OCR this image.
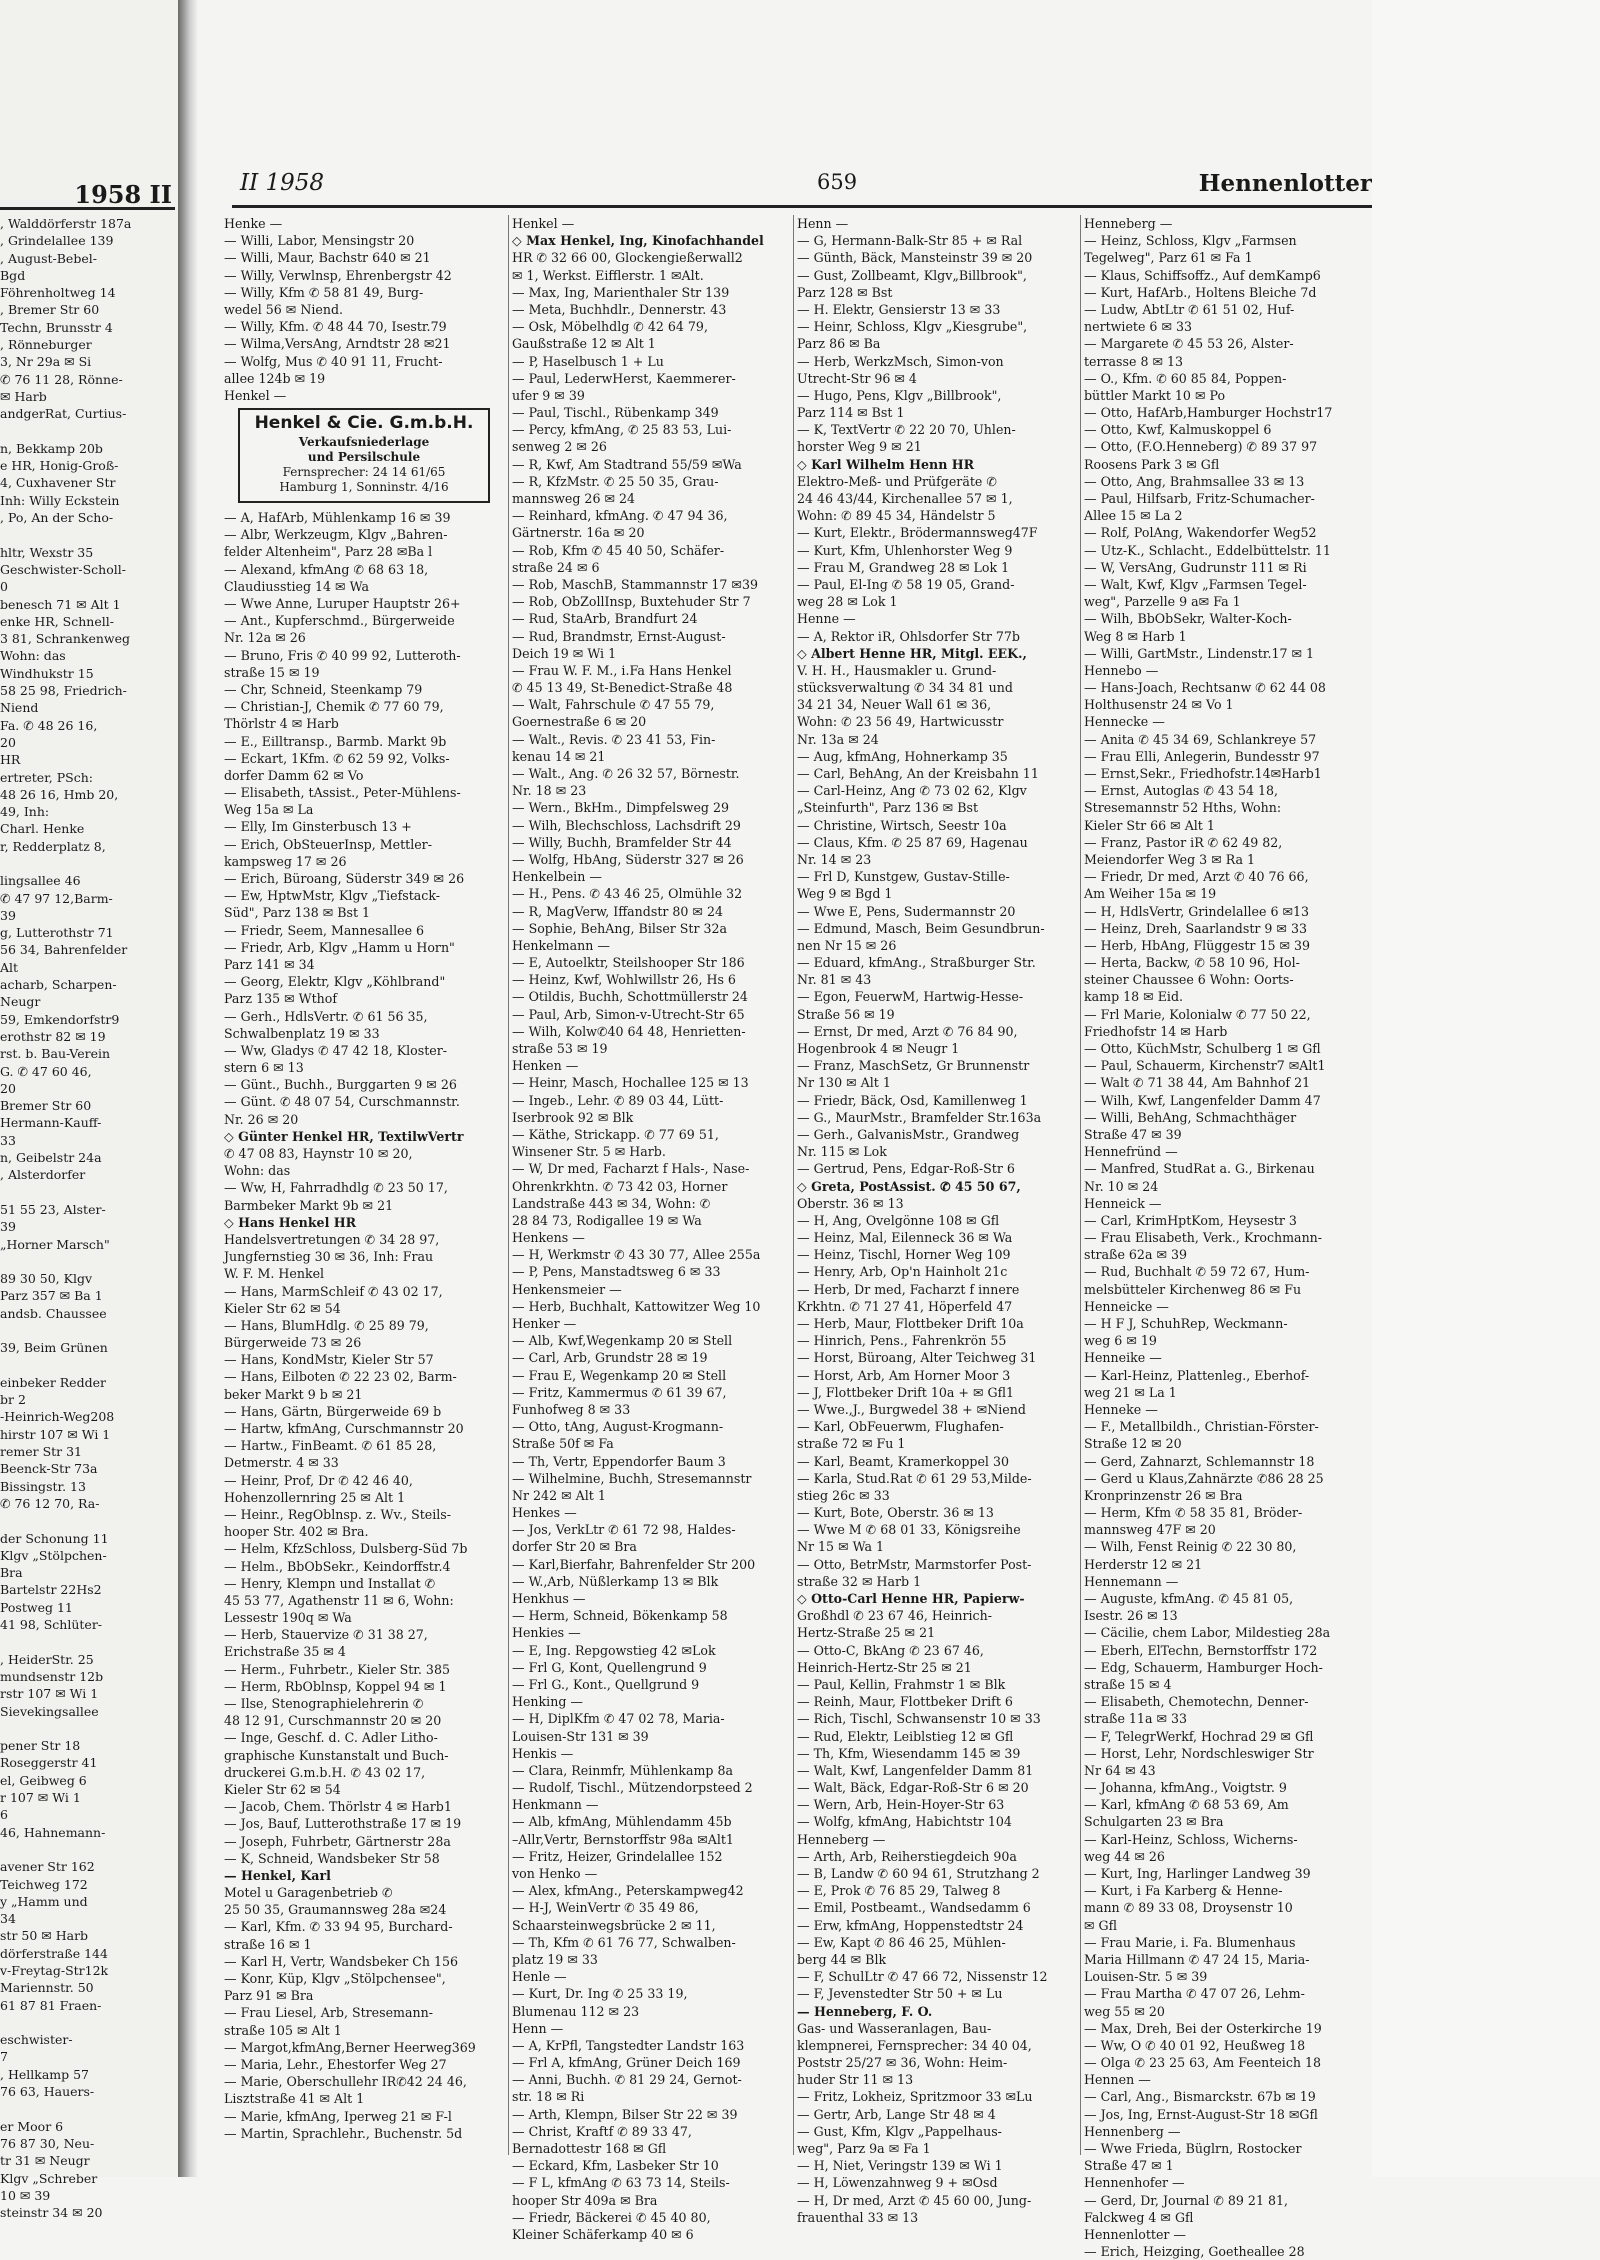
1958 II
, Walddörferstr 187a
, Grindelallee 139
, August-Bebel-
Bgd
Föhrenholtweg 14
, Bremer Str 60
Techn, Brunsstr 4
, Rönneburger
3, Nr 29a ✉ Si
✆ 76 11 28, Rönne-
✉ Harb
andgerRat, Curtius-
n, Bekkamp 20b
e HR, Honig-Groß-
4, Cuxhavener Str
Inh: Willy Eckstein
, Po, An der Scho-
hltr, Wexstr 35
Geschwister-Scholl-
0
benesch 71 ✉ Alt 1
enke HR, Schnell-
3 81, Schrankenweg
Wohn: das
Windhukstr 15
58 25 98, Friedrich-
Niend
Fa. ✆ 48 26 16,
20
HR
ertreter, PSch:
48 26 16, Hmb 20,
49, Inh:
Charl. Henke
r, Redderplatz 8,
lingsallee 46
✆ 47 97 12,Barm-
39
g, Lutterothstr 71
56 34, Bahrenfelder
Alt
acharb, Scharpen-
Neugr
59, Emkendorfstr9
erothstr 82 ✉ 19
rst. b. Bau-Verein
G. ✆ 47 60 46,
20
Bremer Str 60
Hermann-Kauff-
33
n, Geibelstr 24a
, Alsterdorfer
51 55 23, Alster-
39
„Horner Marsch"
89 30 50, Klgv
Parz 357 ✉ Ba 1
andsb. Chaussee
39, Beim Grünen
einbeker Redder
br 2
-Heinrich-Weg208
hirstr 107 ✉ Wi 1
remer Str 31
Beenck-Str 73a
Bissingstr. 13
✆ 76 12 70, Ra-
der Schonung 11
Klgv „Stölpchen-
Bra
Bartelstr 22Hs2
Postweg 11
41 98, Schlüter-
, HeiderStr. 25
mundsenstr 12b
rstr 107 ✉ Wi 1
Sievekingsallee
pener Str 18
Roseggerstr 41
el, Geibweg 6
r 107 ✉ Wi 1
6
46, Hahnemann-
avener Str 162
Teichweg 172
y „Hamm und
34
str 50 ✉ Harb
dörferstraße 144
v-Freytag-Str12k
Mariennstr. 50
61 87 81 Fraen-
eschwister-
7
, Hellkamp 57
76 63, Hauers-
er Moor 6
76 87 30, Neu-
tr 31 ✉ Neugr
Klgv „Schreber
10 ✉ 39
steinstr 34 ✉ 20
II 1958	659	Hennenlotter
Henke —
— Willi, Labor, Mensingstr 20
— Willi, Maur, Bachstr 640 ✉ 21
— Willy, Verwlnsp, Ehrenbergstr 42
— Willy, Kfm ✆ 58 81 49, Burg-
wedel 56 ✉ Niend.
— Willy, Kfm. ✆ 48 44 70, Isestr.79
— Wilma,VersAng, Arndtstr 28 ✉21
— Wolfg, Mus ✆ 40 91 11, Frucht-
allee 124b ✉ 19
Henkel —
Henkel & Cie. G.m.b.H.
Verkaufsniederlage
und Persilschule
Fernsprecher: 24 14 61/65
Hamburg 1, Sonninstr. 4/16
— A, HafArb, Mühlenkamp 16 ✉ 39
— Albr, Werkzeugm, Klgv „Bahren-
felder Altenheim", Parz 28 ✉Ba l
— Alexand, kfmAng ✆ 68 63 18,
Claudiusstieg 14 ✉ Wa
— Wwe Anne, Luruper Hauptstr 26+
— Ant., Kupferschmd., Bürgerweide
Nr. 12a ✉ 26
— Bruno, Fris ✆ 40 99 92, Lutteroth-
straße 15 ✉ 19
— Chr, Schneid, Steenkamp 79
— Christian-J, Chemik ✆ 77 60 79,
Thörlstr 4 ✉ Harb
— E., Eilltransp., Barmb. Markt 9b
— Eckart, 1Kfm. ✆ 62 59 92, Volks-
dorfer Damm 62 ✉ Vo
— Elisabeth, tAssist., Peter-Mühlens-
Weg 15a ✉ La
— Elly, Im Ginsterbusch 13 +
— Erich, ObSteuerInsp, Mettler-
kampsweg 17 ✉ 26
— Erich, Büroang, Süderstr 349 ✉ 26
— Ew, HptwMstr, Klgv „Tiefstack-
Süd", Parz 138 ✉ Bst 1
— Friedr, Seem, Mannesallee 6
— Friedr, Arb, Klgv „Hamm u Horn"
Parz 141 ✉ 34
— Georg, Elektr, Klgv „Köhlbrand"
Parz 135 ✉ Wthof
— Gerh., HdlsVertr. ✆ 61 56 35,
Schwalbenplatz 19 ✉ 33
— Ww, Gladys ✆ 47 42 18, Kloster-
stern 6 ✉ 13
— Günt., Buchh., Burggarten 9 ✉ 26
— Günt. ✆ 48 07 54, Curschmannstr.
Nr. 26 ✉ 20
◇ Günter Henkel HR, TextilwVertr
✆ 47 08 83, Haynstr 10 ✉ 20,
Wohn: das
— Ww, H, Fahrradhdlg ✆ 23 50 17,
Barmbeker Markt 9b ✉ 21
◇ Hans Henkel HR
Handelsvertretungen ✆ 34 28 97,
Jungfernstieg 30 ✉ 36, Inh: Frau
W. F. M. Henkel
— Hans, MarmSchleif ✆ 43 02 17,
Kieler Str 62 ✉ 54
— Hans, BlumHdlg. ✆ 25 89 79,
Bürgerweide 73 ✉ 26
— Hans, KondMstr, Kieler Str 57
— Hans, Eilboten ✆ 22 23 02, Barm-
beker Markt 9 b ✉ 21
— Hans, Gärtn, Bürgerweide 69 b
— Hartw, kfmAng, Curschmannstr 20
— Hartw., FinBeamt. ✆ 61 85 28,
Detmerstr. 4 ✉ 33
— Heinr, Prof, Dr ✆ 42 46 40,
Hohenzollernring 25 ✉ Alt 1
— Heinr., RegOblnsp. z. Wv., Steils-
hooper Str. 402 ✉ Bra.
— Helm, KfzSchloss, Dulsberg-Süd 7b
— Helm., BbObSekr., Keindorffstr.4
— Henry, Klempn und Installat ✆
45 53 77, Agathenstr 11 ✉ 6, Wohn:
Lessestr 190q ✉ Wa
— Herb, Stauervize ✆ 31 38 27,
Erichstraße 35 ✉ 4
— Herm., Fuhrbetr., Kieler Str. 385
— Herm, RbOblnsp, Koppel 94 ✉ 1
— Ilse, Stenographielehrerin ✆
48 12 91, Curschmannstr 20 ✉ 20
— Inge, Geschf. d. C. Adler Litho-
graphische Kunstanstalt und Buch-
druckerei G.m.b.H. ✆ 43 02 17,
Kieler Str 62 ✉ 54
— Jacob, Chem. Thörlstr 4 ✉ Harb1
— Jos, Bauf, Lutterothstraße 17 ✉ 19
— Joseph, Fuhrbetr, Gärtnerstr 28a
— K, Schneid, Wandsbeker Str 58
— Henkel, Karl
Motel u Garagenbetrieb ✆
25 50 35, Graumannsweg 28a ✉24
— Karl, Kfm. ✆ 33 94 95, Burchard-
straße 16 ✉ 1
— Karl H, Vertr, Wandsbeker Ch 156
— Konr, Küp, Klgv „Stölpchensee",
Parz 91 ✉ Bra
— Frau Liesel, Arb, Stresemann-
straße 105 ✉ Alt 1
— Margot,kfmAng,Berner Heerweg369
— Maria, Lehr., Ehestorfer Weg 27
— Marie, Oberschullehr IR✆42 24 46,
Lisztstraße 41 ✉ Alt 1
— Marie, kfmAng, Iperweg 21 ✉ F-l
— Martin, Sprachlehr., Buchenstr. 5d
Henkel —
◇ Max Henkel, Ing, Kinofachhandel
HR ✆ 32 66 00, Glockengießerwall2
✉ 1, Werkst. Eifflerstr. 1 ✉Alt.
— Max, Ing, Marienthaler Str 139
— Meta, Buchhdlr., Dennerstr. 43
— Osk, Möbelhdlg ✆ 42 64 79,
Gaußstraße 12 ✉ Alt 1
— P, Haselbusch 1 + Lu
— Paul, LederwHerst, Kaemmerer-
ufer 9 ✉ 39
— Paul, Tischl., Rübenkamp 349
— Percy, kfmAng, ✆ 25 83 53, Lui-
senweg 2 ✉ 26
— R, Kwf, Am Stadtrand 55/59 ✉Wa
— R, KfzMstr. ✆ 25 50 35, Grau-
mannsweg 26 ✉ 24
— Reinhard, kfmAng. ✆ 47 94 36,
Gärtnerstr. 16a ✉ 20
— Rob, Kfm ✆ 45 40 50, Schäfer-
straße 24 ✉ 6
— Rob, MaschB, Stammannstr 17 ✉39
— Rob, ObZollInsp, Buxtehuder Str 7
— Rud, StaArb, Brandfurt 24
— Rud, Brandmstr, Ernst-August-
Deich 19 ✉ Wi 1
— Frau W. F. M., i.Fa Hans Henkel
✆ 45 13 49, St-Benedict-Straße 48
— Walt, Fahrschule ✆ 47 55 79,
Goernestraße 6 ✉ 20
— Walt., Revis. ✆ 23 41 53, Fin-
kenau 14 ✉ 21
— Walt., Ang. ✆ 26 32 57, Börnestr.
Nr. 18 ✉ 23
— Wern., BkHm., Dimpfelsweg 29
— Wilh, Blechschloss, Lachsdrift 29
— Willy, Buchh, Bramfelder Str 44
— Wolfg, HbAng, Süderstr 327 ✉ 26
Henkelbein —
— H., Pens. ✆ 43 46 25, Olmühle 32
— R, MagVerw, Iffandstr 80 ✉ 24
— Sophie, BehAng, Bilser Str 32a
Henkelmann —
— E, Autoelktr, Steilshooper Str 186
— Heinz, Kwf, Wohlwillstr 26, Hs 6
— Otildis, Buchh, Schottmüllerstr 24
— Paul, Arb, Simon-v-Utrecht-Str 65
— Wilh, Kolw✆40 64 48, Henrietten-
straße 53 ✉ 19
Henken —
— Heinr, Masch, Hochallee 125 ✉ 13
— Ingeb., Lehr. ✆ 89 03 44, Lütt-
Iserbrook 92 ✉ Blk
— Käthe, Strickapp. ✆ 77 69 51,
Winsener Str. 5 ✉ Harb.
— W, Dr med, Facharzt f Hals-, Nase-
Ohrenkrkhtn. ✆ 73 42 03, Horner
Landstraße 443 ✉ 34, Wohn: ✆
28 84 73, Rodigallee 19 ✉ Wa
Henkens —
— H, Werkmstr ✆ 43 30 77, Allee 255a
— P, Pens, Manstadtsweg 6 ✉ 33
Henkensmeier —
— Herb, Buchhalt, Kattowitzer Weg 10
Henker —
— Alb, Kwf,Wegenkamp 20 ✉ Stell
— Carl, Arb, Grundstr 28 ✉ 19
— Frau E, Wegenkamp 20 ✉ Stell
— Fritz, Kammermus ✆ 61 39 67,
Funhofweg 8 ✉ 33
— Otto, tAng, August-Krogmann-
Straße 50f ✉ Fa
— Th, Vertr, Eppendorfer Baum 3
— Wilhelmine, Buchh, Stresemannstr
Nr 242 ✉ Alt 1
Henkes —
— Jos, VerkLtr ✆ 61 72 98, Haldes-
dorfer Str 20 ✉ Bra
— Karl,Bierfahr, Bahrenfelder Str 200
— W.,Arb, Nüßlerkamp 13 ✉ Blk
Henkhus —
— Herm, Schneid, Bökenkamp 58
Henkies —
— E, Ing. Repgowstieg 42 ✉Lok
— Frl G, Kont, Quellengrund 9
— Frl G., Kont., Quellgrund 9
Henking —
— H, DiplKfm ✆ 47 02 78, Maria-
Louisen-Str 131 ✉ 39
Henkis —
— Clara, Reinmfr, Mühlenkamp 8a
— Rudolf, Tischl., Mützendorpsteed 2
Henkmann —
— Alb, kfmAng, Mühlendamm 45b
–Allr,Vertr, Bernstorffstr 98a ✉Alt1
— Fritz, Heizer, Grindelallee 152
von Henko —
— Alex, kfmAng., Peterskampweg42
— H-J, WeinVertr ✆ 35 49 86,
Schaarsteinwegsbrücke 2 ✉ 11,
— Th, Kfm ✆ 61 76 77, Schwalben-
platz 19 ✉ 33
Henle —
— Kurt, Dr. Ing ✆ 25 33 19,
Blumenau 112 ✉ 23
Henn —
— A, KrPfl, Tangstedter Landstr 163
— Frl A, kfmAng, Grüner Deich 169
— Anni, Buchh. ✆ 81 29 24, Gernot-
str. 18 ✉ Ri
— Arth, Klempn, Bilser Str 22 ✉ 39
— Christ, Kraftf ✆ 89 33 47,
Bernadottestr 168 ✉ Gfl
— Eckard, Kfm, Lasbeker Str 10
— F L, kfmAng ✆ 63 73 14, Steils-
hooper Str 409a ✉ Bra
— Friedr, Bäckerei ✆ 45 40 80,
Kleiner Schäferkamp 40 ✉ 6
Henn —
— G, Hermann-Balk-Str 85 + ✉ Ral
— Günth, Bäck, Mansteinstr 39 ✉ 20
— Gust, Zollbeamt, Klgv„Billbrook",
Parz 128 ✉ Bst
— H. Elektr, Gensierstr 13 ✉ 33
— Heinr, Schloss, Klgv „Kiesgrube",
Parz 86 ✉ Ba
— Herb, WerkzMsch, Simon-von
Utrecht-Str 96 ✉ 4
— Hugo, Pens, Klgv „Billbrook",
Parz 114 ✉ Bst 1
— K, TextVertr ✆ 22 20 70, Uhlen-
horster Weg 9 ✉ 21
◇ Karl Wilhelm Henn HR
Elektro-Meß- und Prüfgeräte ✆
24 46 43/44, Kirchenallee 57 ✉ 1,
Wohn: ✆ 89 45 34, Händelstr 5
— Kurt, Elektr., Brödermannsweg47F
— Kurt, Kfm, Uhlenhorster Weg 9
— Frau M, Grandweg 28 ✉ Lok 1
— Paul, El-Ing ✆ 58 19 05, Grand-
weg 28 ✉ Lok 1
Henne —
— A, Rektor iR, Ohlsdorfer Str 77b
◇ Albert Henne HR, Mitgl. EEK.,
V. H. H., Hausmakler u. Grund-
stücksverwaltung ✆ 34 34 81 und
34 21 34, Neuer Wall 61 ✉ 36,
Wohn: ✆ 23 56 49, Hartwicusstr
Nr. 13a ✉ 24
— Aug, kfmAng, Hohnerkamp 35
— Carl, BehAng, An der Kreisbahn 11
— Carl-Heinz, Ang ✆ 73 02 62, Klgv
„Steinfurth", Parz 136 ✉ Bst
— Christine, Wirtsch, Seestr 10a
— Claus, Kfm. ✆ 25 87 69, Hagenau
Nr. 14 ✉ 23
— Frl D, Kunstgew, Gustav-Stille-
Weg 9 ✉ Bgd 1
— Wwe E, Pens, Sudermannstr 20
— Edmund, Masch, Beim Gesundbrun-
nen Nr 15 ✉ 26
— Eduard, kfmAng., Straßburger Str.
Nr. 81 ✉ 43
— Egon, FeuerwM, Hartwig-Hesse-
Straße 56 ✉ 19
— Ernst, Dr med, Arzt ✆ 76 84 90,
Hogenbrook 4 ✉ Neugr 1
— Franz, MaschSetz, Gr Brunnenstr
Nr 130 ✉ Alt 1
— Friedr, Bäck, Osd, Kamillenweg 1
— G., MaurMstr., Bramfelder Str.163a
— Gerh., GalvanisMstr., Grandweg
Nr. 115 ✉ Lok
— Gertrud, Pens, Edgar-Roß-Str 6
◇ Greta, PostAssist. ✆ 45 50 67,
Oberstr. 36 ✉ 13
— H, Ang, Ovelgönne 108 ✉ Gfl
— Heinz, Mal, Eilenneck 36 ✉ Wa
— Heinz, Tischl, Horner Weg 109
— Henry, Arb, Op'n Hainholt 21c
— Herb, Dr med, Facharzt f innere
Krkhtn. ✆ 71 27 41, Höperfeld 47
— Herb, Maur, Flottbeker Drift 10a
— Hinrich, Pens., Fahrenkrön 55
— Horst, Büroang, Alter Teichweg 31
— Horst, Arb, Am Horner Moor 3
— J, Flottbeker Drift 10a + ✉ Gfl1
— Wwe.,J., Burgwedel 38 + ✉Niend
— Karl, ObFeuerwm, Flughafen-
straße 72 ✉ Fu 1
— Karl, Beamt, Kramerkoppel 30
— Karla, Stud.Rat ✆ 61 29 53,Milde-
stieg 26c ✉ 33
— Kurt, Bote, Oberstr. 36 ✉ 13
— Wwe M ✆ 68 01 33, Königsreihe
Nr 15 ✉ Wa 1
— Otto, BetrMstr, Marmstorfer Post-
straße 32 ✉ Harb 1
◇ Otto-Carl Henne HR, Papierw-
Großhdl ✆ 23 67 46, Heinrich-
Hertz-Straße 25 ✉ 21
— Otto-C, BkAng ✆ 23 67 46,
Heinrich-Hertz-Str 25 ✉ 21
— Paul, Kellin, Frahmstr 1 ✉ Blk
— Reinh, Maur, Flottbeker Drift 6
— Rich, Tischl, Schwansenstr 10 ✉ 33
— Rud, Elektr, Leiblstieg 12 ✉ Gfl
— Th, Kfm, Wiesendamm 145 ✉ 39
— Walt, Kwf, Langenfelder Damm 81
— Walt, Bäck, Edgar-Roß-Str 6 ✉ 20
— Wern, Arb, Hein-Hoyer-Str 63
— Wolfg, kfmAng, Habichtstr 104
Henneberg —
— Arth, Arb, Reiherstiegdeich 90a
— B, Landw ✆ 60 94 61, Strutzhang 2
— E, Prok ✆ 76 85 29, Talweg 8
— Emil, Postbeamt., Wandsedamm 6
— Erw, kfmAng, Hoppenstedtstr 24
— Ew, Kapt ✆ 86 46 25, Mühlen-
berg 44 ✉ Blk
— F, SchulLtr ✆ 47 66 72, Nissenstr 12
— F, Jevenstedter Str 50 + ✉ Lu
— Henneberg, F. O.
Gas- und Wasseranlagen, Bau-
klempnerei, Fernsprecher: 34 40 04,
Poststr 25/27 ✉ 36, Wohn: Heim-
huder Str 11 ✉ 13
— Fritz, Lokheiz, Spritzmoor 33 ✉Lu
— Gertr, Arb, Lange Str 48 ✉ 4
— Gust, Kfm, Klgv „Pappelhaus-
weg", Parz 9a ✉ Fa 1
— H, Niet, Veringstr 139 ✉ Wi 1
— H, Löwenzahnweg 9 + ✉Osd
— H, Dr med, Arzt ✆ 45 60 00, Jung-
frauenthal 33 ✉ 13
Henneberg —
— Heinz, Schloss, Klgv „Farmsen
Tegelweg", Parz 61 ✉ Fa 1
— Klaus, Schiffsoffz., Auf demKamp6
— Kurt, HafArb., Holtens Bleiche 7d
— Ludw, AbtLtr ✆ 61 51 02, Huf-
nertwiete 6 ✉ 33
— Margarete ✆ 45 53 26, Alster-
terrasse 8 ✉ 13
— O., Kfm. ✆ 60 85 84, Poppen-
büttler Markt 10 ✉ Po
— Otto, HafArb,Hamburger Hochstr17
— Otto, Kwf, Kalmuskoppel 6
— Otto, (F.O.Henneberg) ✆ 89 37 97
Roosens Park 3 ✉ Gfl
— Otto, Ang, Brahmsallee 33 ✉ 13
— Paul, Hilfsarb, Fritz-Schumacher-
Allee 15 ✉ La 2
— Rolf, PolAng, Wakendorfer Weg52
— Utz-K., Schlacht., Eddelbüttelstr. 11
— W, VersAng, Gudrunstr 111 ✉ Ri
— Walt, Kwf, Klgv „Farmsen Tegel-
weg", Parzelle 9 a✉ Fa 1
— Wilh, BbObSekr, Walter-Koch-
Weg 8 ✉ Harb 1
— Willi, GartMstr., Lindenstr.17 ✉ 1
Hennebo —
— Hans-Joach, Rechtsanw ✆ 62 44 08
Holthusenstr 24 ✉ Vo 1
Hennecke —
— Anita ✆ 45 34 69, Schlankreye 57
— Frau Elli, Anlegerin, Bundesstr 97
— Ernst,Sekr., Friedhofstr.14✉Harb1
— Ernst, Autoglas ✆ 43 54 18,
Stresemannstr 52 Hths, Wohn:
Kieler Str 66 ✉ Alt 1
— Franz, Pastor iR ✆ 62 49 82,
Meiendorfer Weg 3 ✉ Ra 1
— Friedr, Dr med, Arzt ✆ 40 76 66,
Am Weiher 15a ✉ 19
— H, HdlsVertr, Grindelallee 6 ✉13
— Heinz, Dreh, Saarlandstr 9 ✉ 33
— Herb, HbAng, Flüggestr 15 ✉ 39
— Herta, Backw, ✆ 58 10 96, Hol-
steiner Chaussee 6 Wohn: Oorts-
kamp 18 ✉ Eid.
— Frl Marie, Kolonialw ✆ 77 50 22,
Friedhofstr 14 ✉ Harb
— Otto, KüchMstr, Schulberg 1 ✉ Gfl
— Paul, Schauerm, Kirchenstr7 ✉Alt1
— Walt ✆ 71 38 44, Am Bahnhof 21
— Wilh, Kwf, Langenfelder Damm 47
— Willi, BehAng, Schmachthäger
Straße 47 ✉ 39
Hennefründ —
— Manfred, StudRat a. G., Birkenau
Nr. 10 ✉ 24
Henneick —
— Carl, KrimHptKom, Heysestr 3
— Frau Elisabeth, Verk., Krochmann-
straße 62a ✉ 39
— Rud, Buchhalt ✆ 59 72 67, Hum-
melsbütteler Kirchenweg 86 ✉ Fu
Henneicke —
— H F J, SchuhRep, Weckmann-
weg 6 ✉ 19
Henneike —
— Karl-Heinz, Plattenleg., Eberhof-
weg 21 ✉ La 1
Henneke —
— F., Metallbildh., Christian-Förster-
Straße 12 ✉ 20
— Gerd, Zahnarzt, Schlemannstr 18
— Gerd u Klaus,Zahnärzte ✆86 28 25
Kronprinzenstr 26 ✉ Bra
— Herm, Kfm ✆ 58 35 81, Bröder-
mannsweg 47F ✉ 20
— Wilh, Fenst Reinig ✆ 22 30 80,
Herderstr 12 ✉ 21
Hennemann —
— Auguste, kfmAng. ✆ 45 81 05,
Isestr. 26 ✉ 13
— Cäcilie, chem Labor, Mildestieg 28a
— Eberh, ElTechn, Bernstorffstr 172
— Edg, Schauerm, Hamburger Hoch-
straße 15 ✉ 4
— Elisabeth, Chemotechn, Denner-
straße 11a ✉ 33
— F, TelegrWerkf, Hochrad 29 ✉ Gfl
— Horst, Lehr, Nordschleswiger Str
Nr 64 ✉ 43
— Johanna, kfmAng., Voigtstr. 9
— Karl, kfmAng ✆ 68 53 69, Am
Schulgarten 23 ✉ Bra
— Karl-Heinz, Schloss, Wicherns-
weg 44 ✉ 26
— Kurt, Ing, Harlinger Landweg 39
— Kurt, i Fa Karberg & Henne-
mann ✆ 89 33 08, Droysenstr 10
✉ Gfl
— Frau Marie, i. Fa. Blumenhaus
Maria Hillmann ✆ 47 24 15, Maria-
Louisen-Str. 5 ✉ 39
— Frau Martha ✆ 47 07 26, Lehm-
weg 55 ✉ 20
— Max, Dreh, Bei der Osterkirche 19
— Ww, O ✆ 40 01 92, Heußweg 18
— Olga ✆ 23 25 63, Am Feenteich 18
Hennen —
— Carl, Ang., Bismarckstr. 67b ✉ 19
— Jos, Ing, Ernst-August-Str 18 ✉Gfl
Hennenberg —
— Wwe Frieda, Büglrn, Rostocker
Straße 47 ✉ 1
Hennenhofer —
— Gerd, Dr, Journal ✆ 89 21 81,
Falckweg 4 ✉ Gfl
Hennenlotter —
— Erich, Heizging, Goetheallee 28
